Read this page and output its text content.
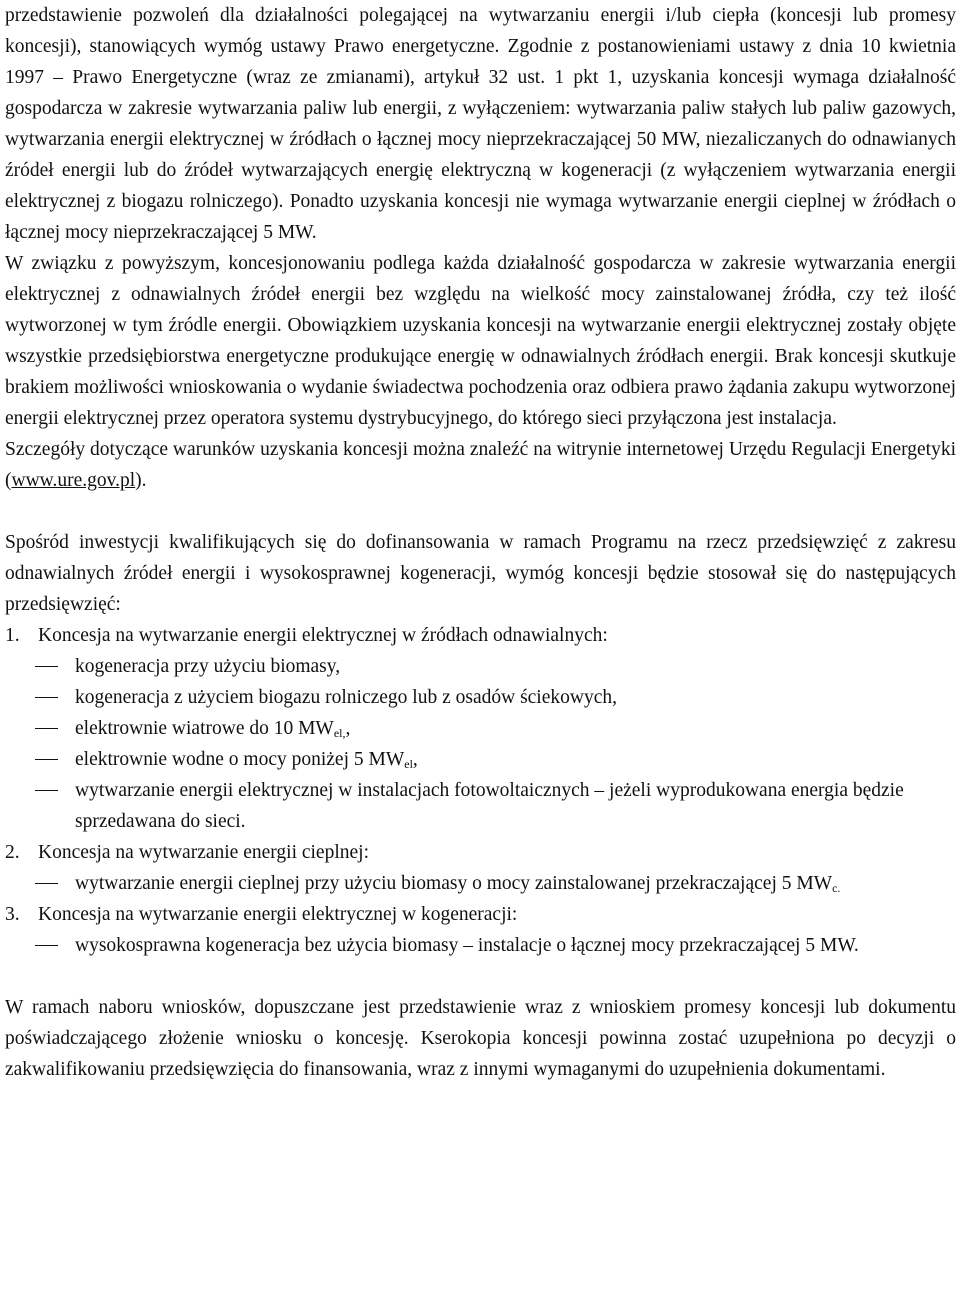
przedstawienie pozwoleń dla działalności polegającej na wytwarzaniu energii i/lub ciepła (koncesji lub promesy koncesji), stanowiących wymóg ustawy Prawo energetyczne. Zgodnie z postanowieniami ustawy z dnia 10 kwietnia 1997 – Prawo Energetyczne (wraz ze zmianami), artykuł 32 ust. 1 pkt 1, uzyskania koncesji wymaga działalność gospodarcza w zakresie wytwarzania paliw lub energii, z wyłączeniem: wytwarzania paliw stałych lub paliw gazowych, wytwarzania energii elektrycznej w źródłach o łącznej mocy nieprzekraczającej 50 MW, niezaliczanych do odnawianych źródeł energii lub do źródeł wytwarzających energię elektryczną w kogeneracji (z wyłączeniem wytwarzania energii elektrycznej z biogazu rolniczego). Ponadto uzyskania koncesji nie wymaga wytwarzanie energii cieplnej w źródłach o łącznej mocy nieprzekraczającej 5 MW.

W związku z powyższym, koncesjonowaniu podlega każda działalność gospodarcza w zakresie wytwarzania energii elektrycznej z odnawialnych źródeł energii bez względu na wielkość mocy zainstalowanej źródła, czy też ilość wytworzonej w tym źródle energii. Obowiązkiem uzyskania koncesji na wytwarzanie energii elektrycznej zostały objęte wszystkie przedsiębiorstwa energetyczne produkujące energię w odnawialnych źródłach energii. Brak koncesji skutkuje brakiem możliwości wnioskowania o wydanie świadectwa pochodzenia oraz odbiera prawo żądania zakupu wytworzonej energii elektrycznej przez operatora systemu dystrybucyjnego, do którego sieci przyłączona jest instalacja.

Szczegóły dotyczące warunków uzyskania koncesji można znaleźć na witrynie internetowej Urzędu Regulacji Energetyki (www.ure.gov.pl).

Spośród inwestycji kwalifikujących się do dofinansowania w ramach Programu na rzecz przedsięwzięć z zakresu odnawialnych źródeł energii i wysokosprawnej kogeneracji, wymóg koncesji będzie stosował się do następujących przedsięwzięć:

1. Koncesja na wytwarzanie energii elektrycznej w źródłach odnawialnych:
kogeneracja przy użyciu biomasy,
kogeneracja z użyciem biogazu rolniczego lub z osadów ściekowych,
elektrownie wiatrowe do 10 $MW_{el,}$,
elektrownie wodne o mocy poniżej 5 $MW_{el}$,
wytwarzanie energii elektrycznej w instalacjach fotowoltaicznych – jeżeli wyprodukowana energia będzie sprzedawana do sieci.
2. Koncesja na wytwarzanie energii cieplnej:
wytwarzanie energii cieplnej przy użyciu biomasy o mocy zainstalowanej przekraczającej 5 $MW_{c.}$
3. Koncesja na wytwarzanie energii elektrycznej w kogeneracji:
wysokosprawna kogeneracja bez użycia biomasy – instalacje o łącznej mocy przekraczającej 5 MW.

W ramach naboru wniosków, dopuszczane jest przedstawienie wraz z wnioskiem promesy koncesji lub dokumentu poświadczającego złożenie wniosku o koncesję. Kserokopia koncesji powinna zostać uzupełniona po decyzji o zakwalifikowaniu przedsięwzięcia do finansowania, wraz z innymi wymaganymi do uzupełnienia dokumentami.
